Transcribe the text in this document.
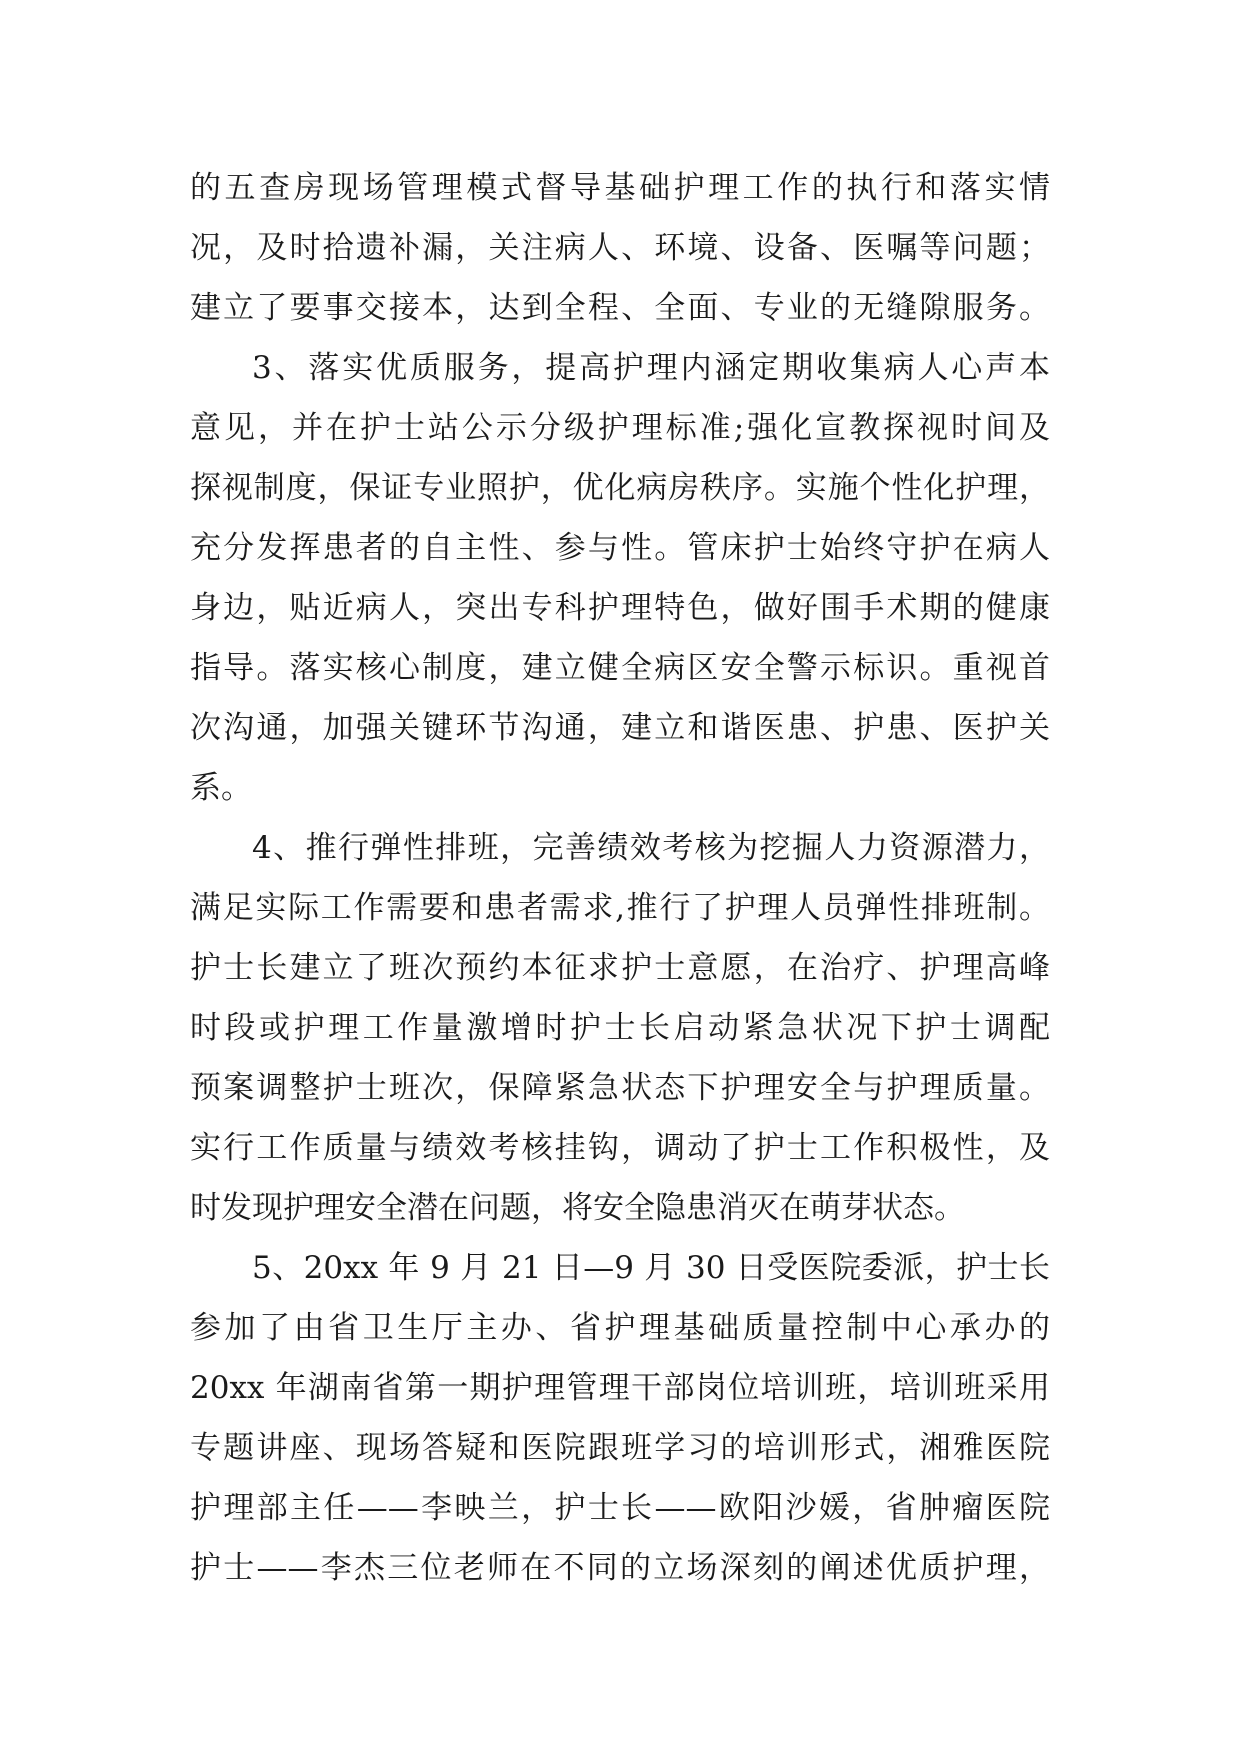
的五查房现场管理模式督导基础护理工作的执行和落实情
况，及时拾遗补漏，关注病人、环境、设备、医嘱等问题；
建立了要事交接本，达到全程、全面、专业的无缝隙服务。
3、落实优质服务，提高护理内涵定期收集病人心声本
意见，并在护士站公示分级护理标准;强化宣教探视时间及
探视制度，保证专业照护，优化病房秩序。实施个性化护理，
充分发挥患者的自主性、参与性。管床护士始终守护在病人
身边，贴近病人，突出专科护理特色，做好围手术期的健康
指导。落实核心制度，建立健全病区安全警示标识。重视首
次沟通，加强关键环节沟通，建立和谐医患、护患、医护关
系。
4、推行弹性排班，完善绩效考核为挖掘人力资源潜力，
满足实际工作需要和患者需求,推行了护理人员弹性排班制。
护士长建立了班次预约本征求护士意愿，在治疗、护理高峰
时段或护理工作量激增时护士长启动紧急状况下护士调配
预案调整护士班次，保障紧急状态下护理安全与护理质量。
实行工作质量与绩效考核挂钩，调动了护士工作积极性，及
时发现护理安全潜在问题，将安全隐患消灭在萌芽状态。
5、20xx 年 9 月 21 日—9 月 30 日受医院委派，护士长
参加了由省卫生厅主办、省护理基础质量控制中心承办的
20xx 年湖南省第一期护理管理干部岗位培训班，培训班采用
专题讲座、现场答疑和医院跟班学习的培训形式，湘雅医院
护理部主任——李映兰，护士长——欧阳沙媛，省肿瘤医院
护士——李杰三位老师在不同的立场深刻的阐述优质护理，
